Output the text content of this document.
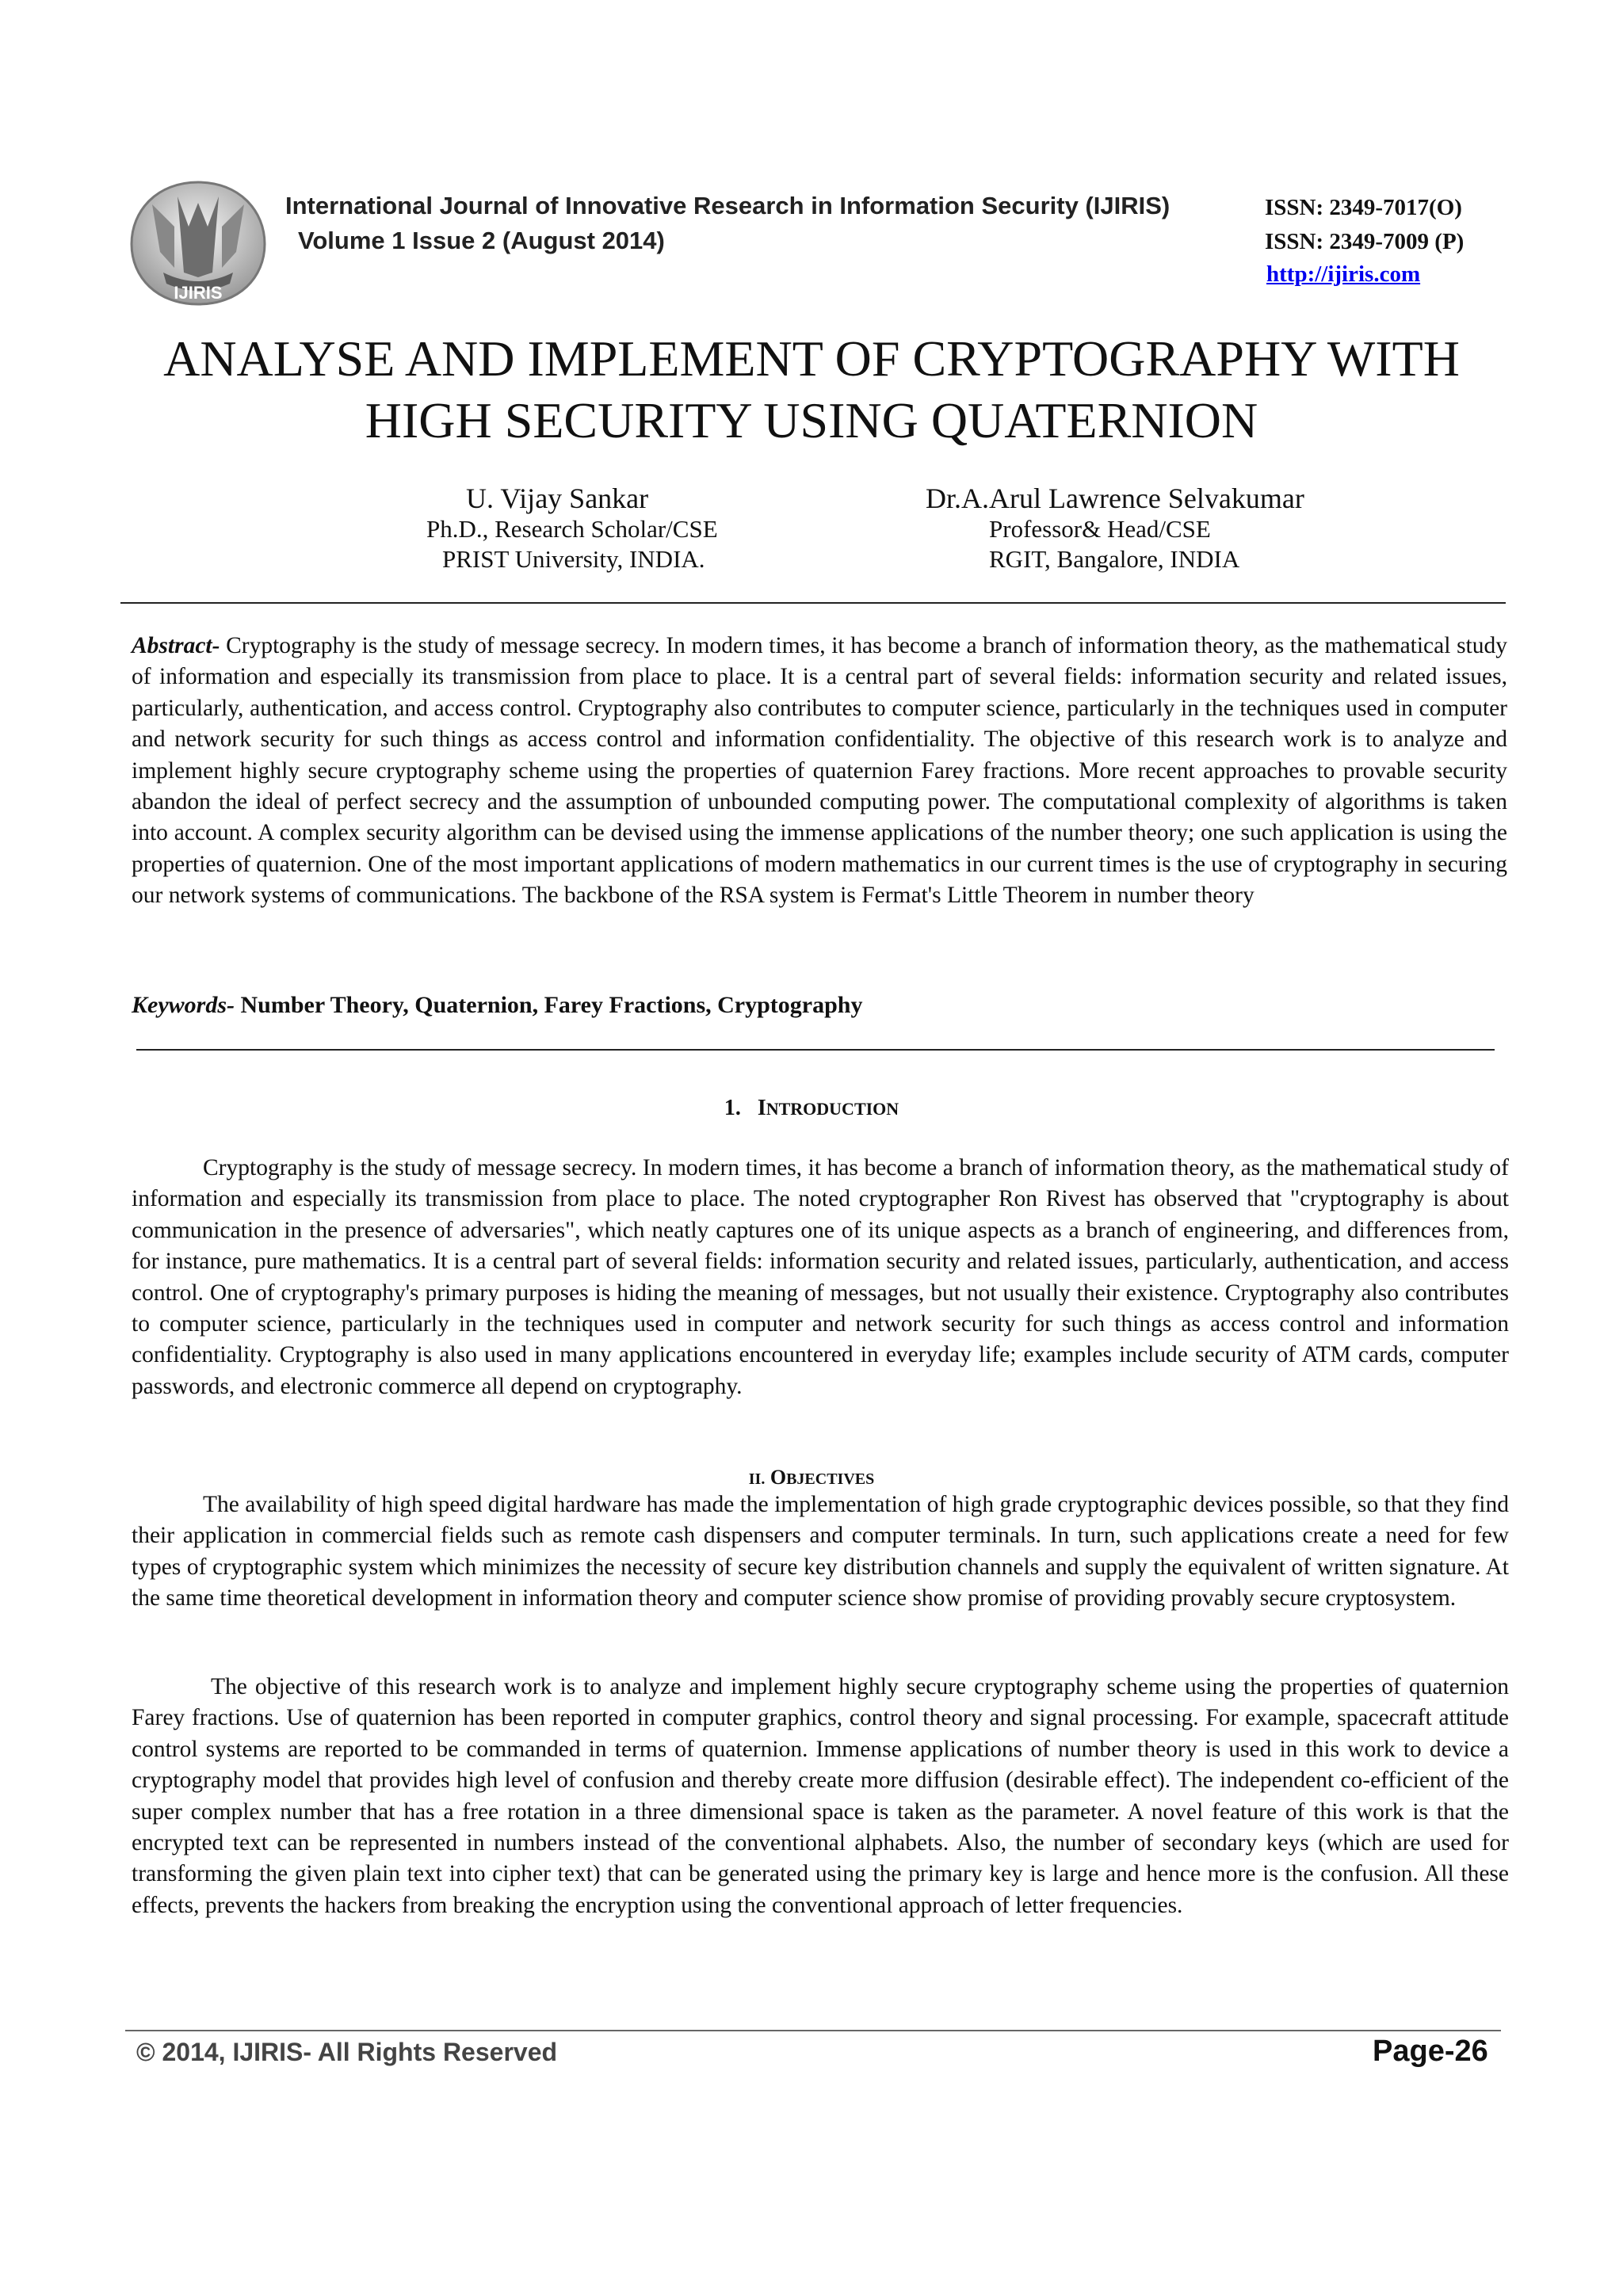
IJIRIS
International Journal of Innovative Research in Information Security (IJIRIS)
Volume 1 Issue 2 (August 2014)
ISSN: 2349-7017(O)
ISSN: 2349-7009 (P)
http://ijiris.com
ANALYSE AND IMPLEMENT OF CRYPTOGRAPHY WITH
HIGH SECURITY USING QUATERNION
U. Vijay Sankar
Ph.D., Research Scholar/CSE
PRIST University, INDIA.
Dr.A.Arul Lawrence Selvakumar
Professor& Head/CSE
RGIT, Bangalore, INDIA
Abstract- Cryptography is the study of message secrecy. In modern times, it has become a branch of information theory, as the mathematical study of information and especially its transmission from place to place. It is a central part of several fields: information security and related issues, particularly, authentication, and access control. Cryptography also contributes to computer science, particularly in the techniques used in computer and network security for such things as access control and information confidentiality. The objective of this research work is to analyze and implement highly secure cryptography scheme using the properties of quaternion Farey fractions. More recent approaches to provable security abandon the ideal of perfect secrecy and the assumption of unbounded computing power. The computational complexity of algorithms is taken into account. A complex security algorithm can be devised using the immense applications of the number theory; one such application is using the properties of quaternion. One of the most important applications of modern mathematics in our current times is the use of cryptography in securing our network systems of communications. The backbone of the RSA system is Fermat's Little Theorem in number theory
Keywords- Number Theory, Quaternion, Farey Fractions, Cryptography
1. INTRODUCTION
Cryptography is the study of message secrecy. In modern times, it has become a branch of information theory, as the mathematical study of information and especially its transmission from place to place. The noted cryptographer Ron Rivest has observed that "cryptography is about communication in the presence of adversaries", which neatly captures one of its unique aspects as a branch of engineering, and differences from, for instance, pure mathematics. It is a central part of several fields: information security and related issues, particularly, authentication, and access control. One of cryptography's primary purposes is hiding the meaning of messages, but not usually their existence. Cryptography also contributes to computer science, particularly in the techniques used in computer and network security for such things as access control and information confidentiality. Cryptography is also used in many applications encountered in everyday life; examples include security of ATM cards, computer passwords, and electronic commerce all depend on cryptography.
II. OBJECTIVES
The availability of high speed digital hardware has made the implementation of high grade cryptographic devices possible, so that they find their application in commercial fields such as remote cash dispensers and computer terminals. In turn, such applications create a need for few types of cryptographic system which minimizes the necessity of secure key distribution channels and supply the equivalent of written signature. At the same time theoretical development in information theory and computer science show promise of providing provably secure cryptosystem.
The objective of this research work is to analyze and implement highly secure cryptography scheme using the properties of quaternion Farey fractions. Use of quaternion has been reported in computer graphics, control theory and signal processing. For example, spacecraft attitude control systems are reported to be commanded in terms of quaternion. Immense applications of number theory is used in this work to device a cryptography model that provides high level of confusion and thereby create more diffusion (desirable effect). The independent co-efficient of the super complex number that has a free rotation in a three dimensional space is taken as the parameter. A novel feature of this work is that the encrypted text can be represented in numbers instead of the conventional alphabets. Also, the number of secondary keys (which are used for transforming the given plain text into cipher text) that can be generated using the primary key is large and hence more is the confusion. All these effects, prevents the hackers from breaking the encryption using the conventional approach of letter frequencies.
© 2014, IJIRIS- All Rights Reserved	Page-26
